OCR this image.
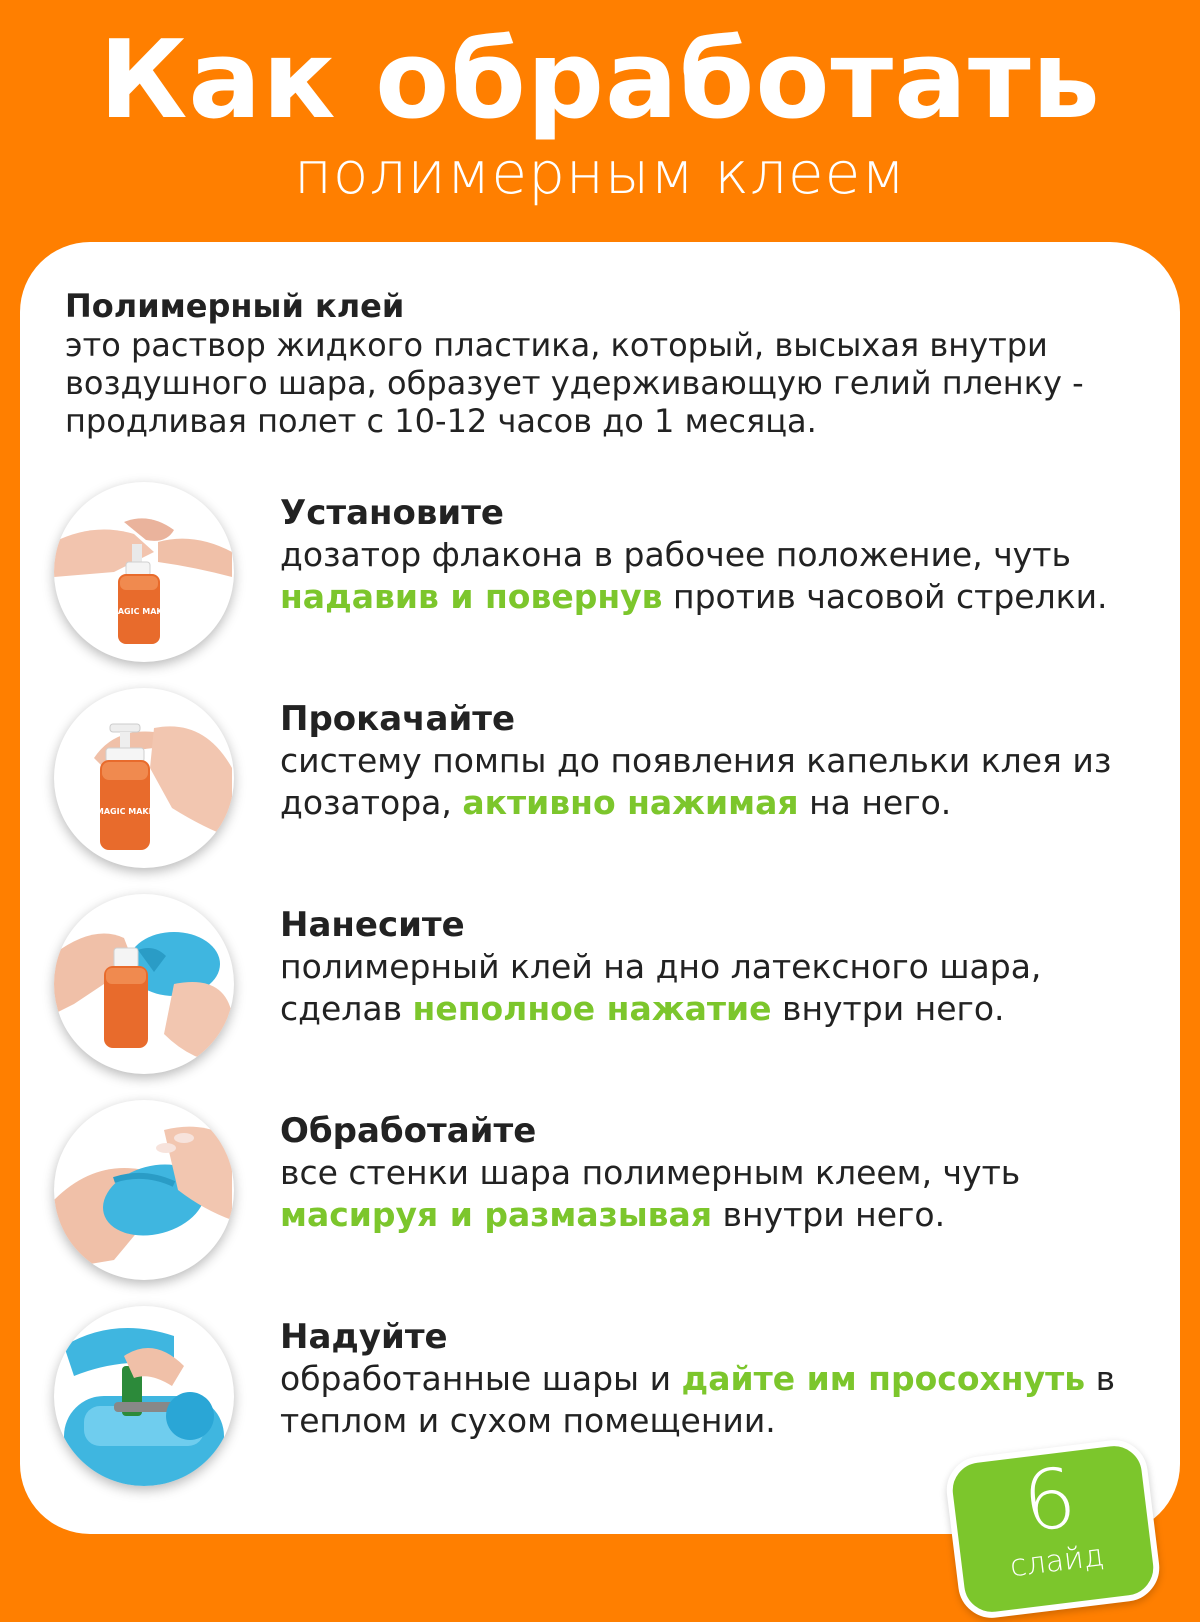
Как обработать
полимерным клеем
Полимерный клей
это раствор жидкого пластика, который, высыхая внутри воздушного шара, образует удерживающую гелий пленку - продливая полет с 10-12 часов до 1 месяца.
MAGIC MAKE
Установите
дозатор флакона в рабочее положение, чуть надавив и повернув против часовой стрелки.
MAGIC MAKE
Прокачайте
систему помпы до появления капельки клея из дозатора, активно нажимая на него.
Нанесите
полимерный клей на дно латексного шара, сделав неполное нажатие внутри него.
Обработайте
все стенки шара полимерным клеем, чуть масируя и размазывая внутри него.
Надуйте
обработанные шары и дайте им просохнуть в теплом и сухом помещении.
6
слайд
